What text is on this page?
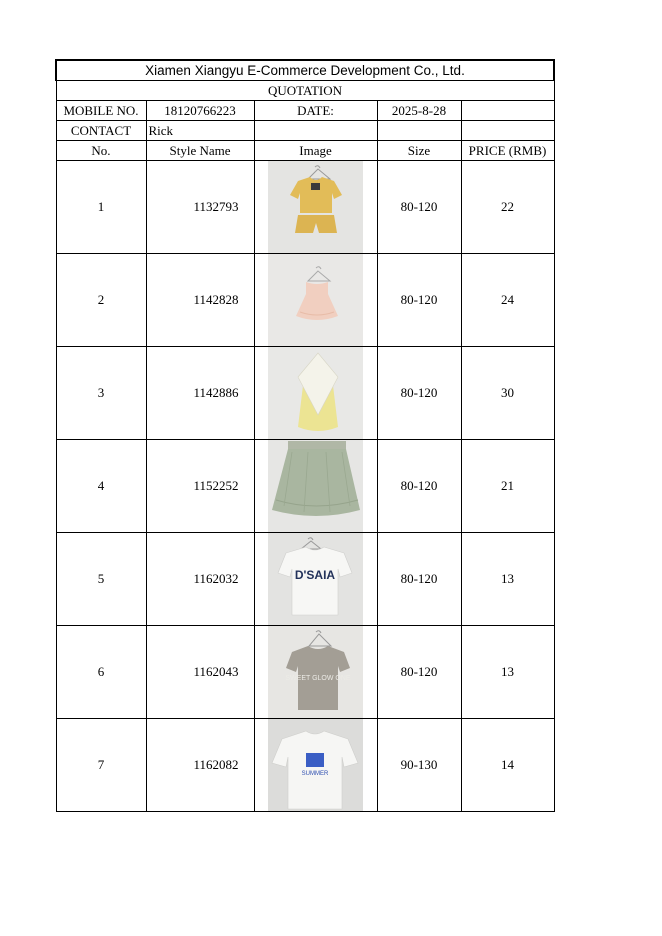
Xiamen Xiangyu E-Commerce Development Co., Ltd.				
QUOTATION				
MOBILE NO.	18120766223	DATE:	2025-8-28	
CONTACT	Rick			
No.	Style Name	Image	Size	PRICE (RMB)
1	1132793		80-120	22
2	1142828		80-120	24
3	1142886		80-120	30
4	1152252		80-120	21
5	1162032	D'SAIA	80-120	13
6	1162043	SWEET GLOW ONE	80-120	13
7	1162082	SUMMER	90-130	14
